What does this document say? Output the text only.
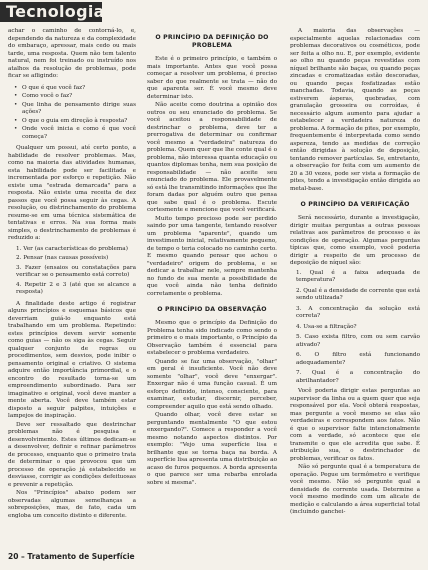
Tecnologia

achar o caminho de contorná-lo, e, dependendo da natureza e da complexidade do embaraço, apressar, mais cedo ou mais tarde, uma resposta. Quem não tem talento natural, nem foi treinado ou instruído nos atalhos da resolução de problemas, pode ficar se afligindo:

• O que é que você faz?
• Como você o faz?
• Que linha de pensamento dirige suas ações?
• O que o guia em direção à resposta?
• Onde você inicia e como é que você começa?

Qualquer um possui, até certo ponto, a habilidade de resolver problemas. Mas, como na maioria das atividades humanas, esta habilidade pode ser facilitada e incrementada por esforço e repetição. Não existe uma "estrada demarcada" para a resposta. Não existe uma receita de dez passos que você possa seguir às cegas. A resolução, ou distrinchamento do problema resume-se em uma técnica sistemática de tentativas e erros. Na sua forma mais simples, o destrinchamento de problemas é reduzido a:

1. Ver (as características do problema)
2. Pensar (nas causas possíveis)
3. Fazer (ensaios ou constatações para verificar se o pensamento está correto)
4. Repetir 2 e 3 (até que se alcance a resposta)

A finalidade deste artigo é registrar alguns princípios e esquemas básicos que deverriam guiá-lo enquanto está trabalhando em um problema. Repetindo: estes princípios devem servir somente como guias — não os siga às cegas. Seguir qualquer conjunto de regras ou procedimentos, sem desvios, pode inibir o pensamento original e criativo. O sistema adquire então importância primordial, e o encontro do resultado torna-se um empreendimento subordinado. Para ser imaginativo e original, você deve manter a mente aberta. Você deve também estar disposto a seguir palpites, intuições e lampejos de inspiração.

Deve ser ressaltado que destrinchar problemas não é pesquisa e desenvolvimento. Estes últimos dedicam-se a desenvolver, definir e refinar parâmetros de processo, enquanto que o primeiro trata de determinar o que provocou que um processo de operação já estabelecido se desviasse, corrigir as condições defeituosas e prevenir a repetição.

Nos "Princípios" abaixo podem ser observadas algumas semelhanças a sobreposições, mas, de fato, cada um engloba um conceito distinto e diferente.

O PRINCÍPIO DA DEFINIÇÃO DO PROBLEMA

Este é o primeiro princípio, e também o mais importante. Antes que você possa começar a resolver um problema, é preciso saber do que realmente se trata — não do que aparenta ser. É você mesmo deve determinar isto.

Não aceite como doutrina a opinião dos outros ou seu enunciado do problema. Se você aceitou a responsabilidade de destrinchar o problema, deve ter a prerrogativa de determinar ou confirmar você mesmo a "verdadeira" natureza do problema. Quem quer que lhe conte qual é o problema, não interessa quanta educação ou quantos diplomas tenha, nem sua posição de responsabilidade — não aceite seu enunciado do problema. Ele provavelmente só está lhe transmitindo informações que lhe foram dadas por alguém outro que pensa que sabe qual é o problema. Escute cortesmente e mencione que você verificará.

Muito tempo precioso pode ser perdido saindo por uma tangente, tentando resolver um problema "aparente", quando um investimento inicial, relativamente pequeno, de tempo o teria colocado no caminho certo. E mesmo quando pensar que achou o "verdadeiro" origem do problema, e se dedicar a trabalhar nele, sempre mantenha no fundo de sua mente a possibilidade de que você ainda não tenha definido corretamente o problema.

O PRINCÍPIO DA OBSERVAÇÃO

Mesmo que o princípio da Definição do Problema tenha sido indicado como sendo o primeiro e o mais importante, o Princípio da Observação também é essencial para estabelecer o problema verdadeiro.

Quando se faz uma observação, "olhar" em geral é insuficiente. Você não deve somente "olhar", você deve "enxergar". Enxergar não é uma função casual. É um esforço definido, intenso, consciente, para examinar, estudar, discernir, perceber, compreender aquilo que está sendo olhado.

Quando olhar, você deve estar se perguntando mentalmente "O que estou enxergando?". Comece a responder a você mesmo notando aspectos distintos. Por exemplo: "Vejo uma superfície lisa e brilhante que se torna baça na borda. A superfície lisa apresenta uma distribuição ao acaso de furos pequenos. A borda apresenta o que parece ser uma rebarba enrolada sobre si mesma".

A maioria das observações — especialmente aquelas relacionadas com problemas decorativos ou cosméticos, pode ser feita a olho nu. E, por exemplo, evidente ao olho nu quando peças revestidas com níquel brilhante são baças, ou quando peças zincadas e cromatizadas estão descoradas, ou quando peças fosfatizadas estão manchadas. Todavia, quando as peças estiverem ásperas, quebradas, com granulação grosseira ou corroídas, é necessário algum aumento para ajudar a estabelecer a verdadeira natureza do problema. A formação de pites, por exemplo, frequentemente é interpretada como sendo aspereza, tendo as medidas de correção então dirigidas à solução de deposição, tentando remover partículas. Se, entretanto, a observação for feita com um aumento de 20 a 30 vezes, pode ser vista a formação de pites, tendo a investigação então dirigida ao metal-base.

O PRINCÍPIO DA VERIFICAÇÃO

Será necessário, durante a investigação, dirigir muitas perguntas a outras pessoas relativas aos parâmetros de processo e às condições de operação. Algumas perguntas típicas que, como exemplo, você poderia dirigir a respeito de um processo de deposição de níquel são:

1. Qual é a faixa adequada de temperatura?

2. Qual é a densidade de corrente que está sendo utilizada?

3. A concentração da solução está correta?

4. Usa-se a filtração?

5. Caso exista filtro, com ou sem carvão ativado?

6. O filtro está funcionando adequadamente?

7. Qual é a concentração do abrilhantador?

Você poderia dirigir estas perguntas ao supervisor da linha ou a quem quer que seja responsável por ela. Você obterá respostas, mas pergunte a você mesmo se elas são verdadeiras e correspondem aos fatos. Não é que o supervisor falte intencionalmente com a verdade, só acontece que ele transmite o que ele acredita que sabe. É atribuição sua, o destrinchador de problemas, verificar os fatos.

Não só pergunte qual é a temperatura de operação. Pegue um termômetro e verifique você mesmo. Não só pergunte qual a densidade de corrente usada. Determine a você mesmo medindo com um alicate de medição e calculando a área superficial total (incluindo ganchei-

20 – Tratamento de Superfície
